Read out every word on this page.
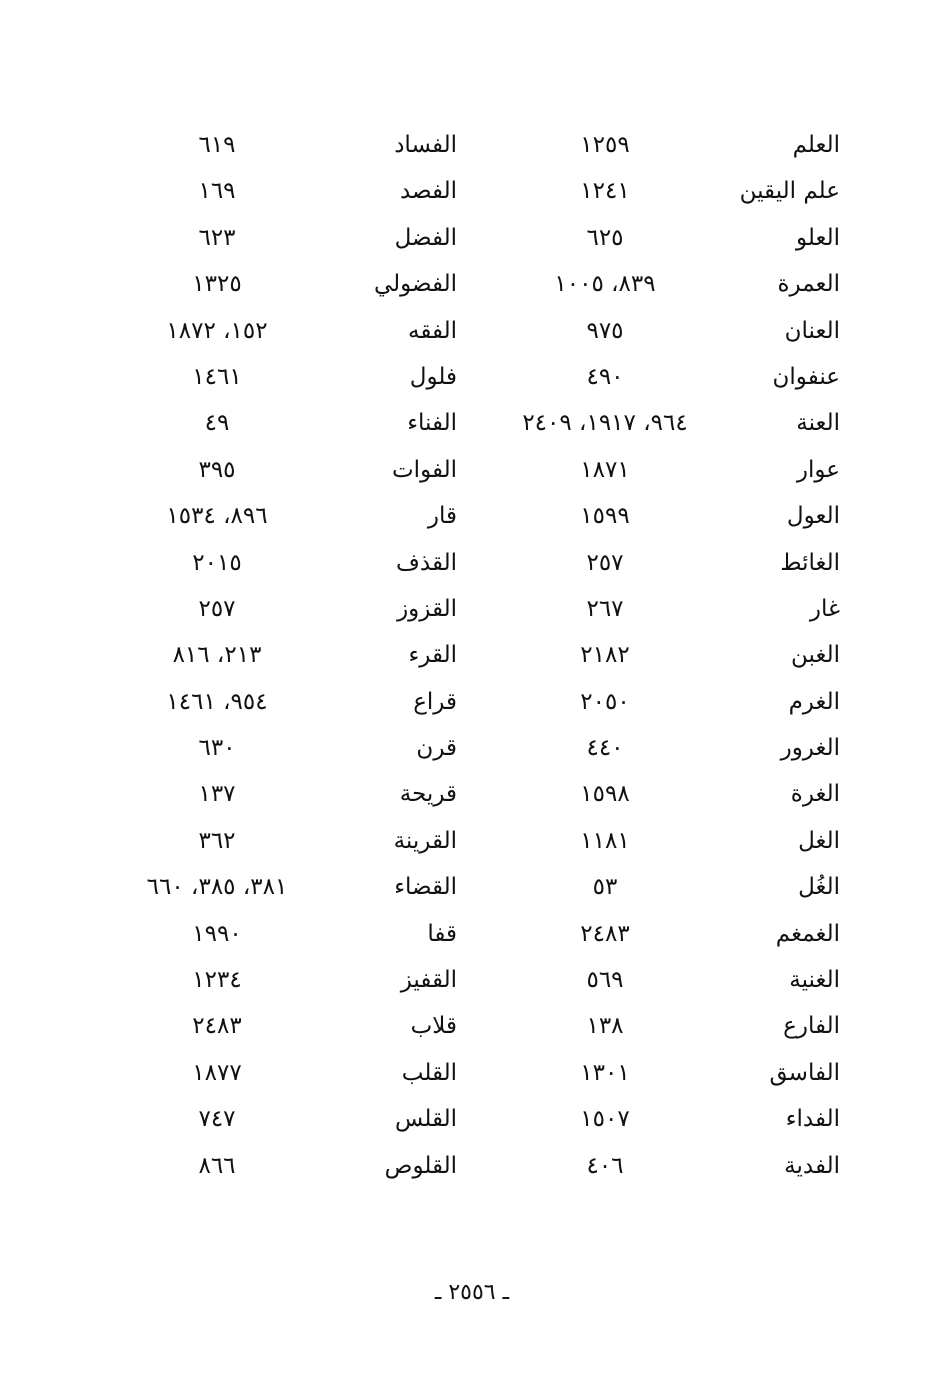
العلم
١٢٥٩
الفساد
٦١٩
علم اليقين
١٢٤١
الفصد
١٦٩
العلو
٦٢٥
الفضل
٦٢٣
العمرة
٨٣٩، ١٠٠٥
الفضولي
١٣٢٥
العنان
٩٧٥
الفقه
١٥٢، ١٨٧٢
عنفوان
٤٩٠
فلول
١٤٦١
العنة
٩٦٤، ١٩١٧، ٢٤٠٩
الفناء
٤٩
عوار
١٨٧١
الفوات
٣٩٥
العول
١٥٩٩
قار
٨٩٦، ١٥٣٤
الغائط
٢٥٧
القذف
٢٠١٥
غار
٢٦٧
القزوز
٢٥٧
الغبن
٢١٨٢
القرء
٢١٣، ٨١٦
الغرم
٢٠٥٠
قراع
٩٥٤، ١٤٦١
الغرور
٤٤٠
قرن
٦٣٠
الغرة
١٥٩٨
قريحة
١٣٧
الغل
١١٨١
القرينة
٣٦٢
الغُل
٥٣
القضاء
٣٨١، ٣٨٥، ٦٦٠
الغمغم
٢٤٨٣
قفا
١٩٩٠
الغنية
٥٦٩
القفيز
١٢٣٤
الفارع
١٣٨
قلاب
٢٤٨٣
الفاسق
١٣٠١
القلب
١٨٧٧
الفداء
١٥٠٧
القلس
٧٤٧
الفدية
٤٠٦
القلوص
٨٦٦
ـ ٢٥٥٦ ـ
